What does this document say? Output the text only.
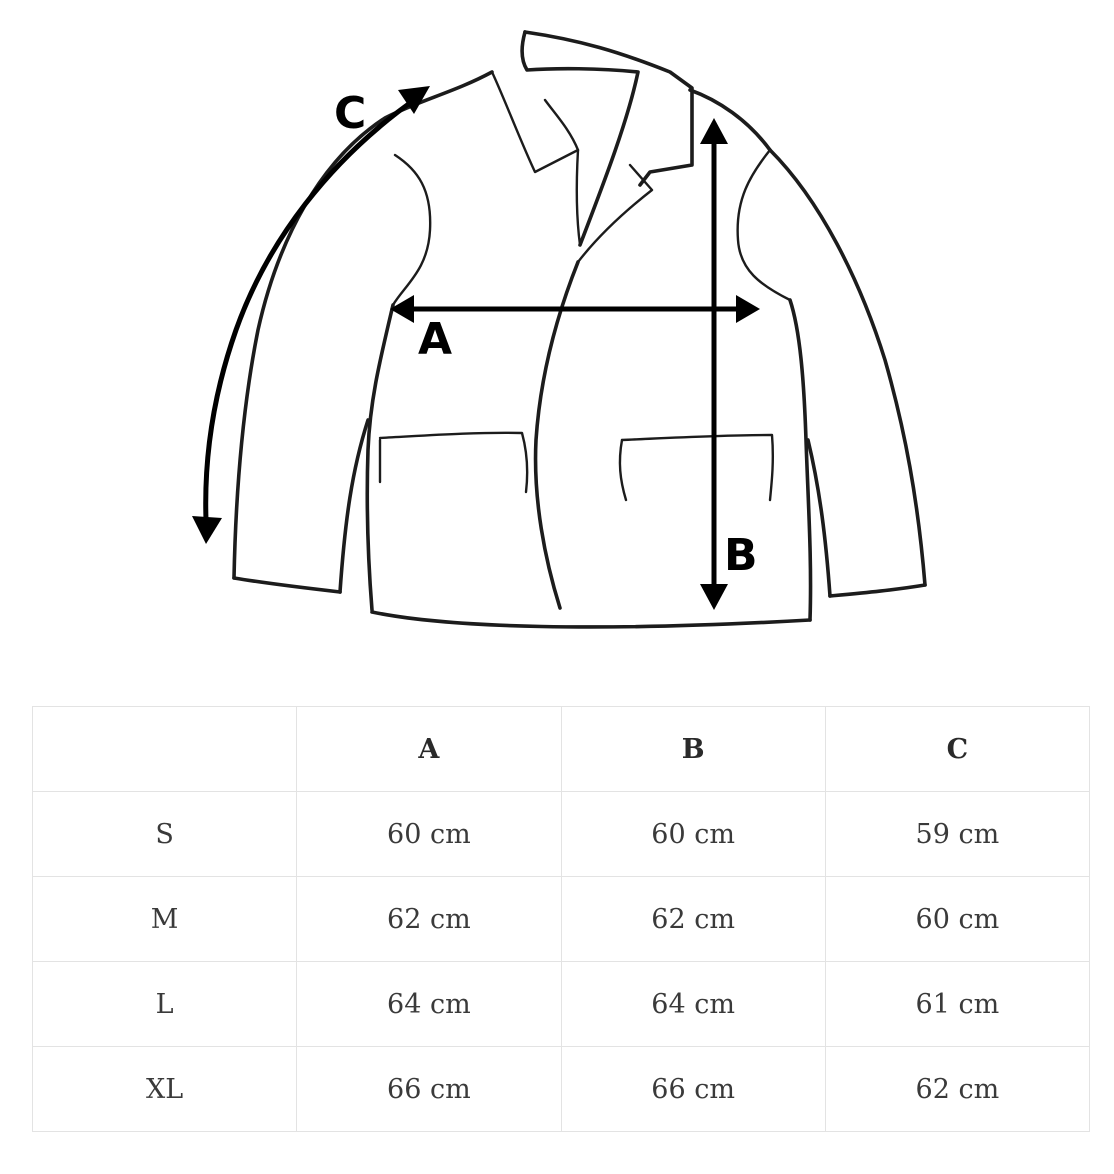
A
B
C
	A	B	C
S	60 cm	60 cm	59 cm
M	62 cm	62 cm	60 cm
L	64 cm	64 cm	61 cm
XL	66 cm	66 cm	62 cm
